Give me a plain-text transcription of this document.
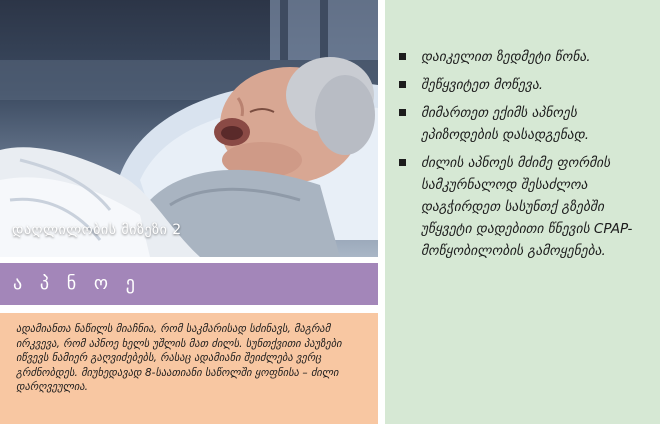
დაღლილობის მიზეზი 2
ა პ ნ ო ე

ადამიანთა ნაწილს მიაჩნია, რომ საკმარისად სძინავს, მაგრამ ირკვევა, რომ აპნოე ხელს უშლის მათ ძილს. სუნთქვითი პაუზები იწვევს ნამიერ გაღვიძებებს, რასაც ადამიანი შეიძლება ვერც გრძნობდეს. მიუხედავად 8-საათიანი საწოლში ყოფნისა – ძილი დარღვეულია.

დაიკელით ზედმეტი წონა.
შეწყვიტეთ მოწევა.
მიმართეთ ექიმს აპნოეს ეპიზოდების დასადგენად.
ძილის აპნოეს მძიმე ფორმის სამკურნალოდ შესაძლოა დაგჭირდეთ სასუნთქ გზებში უწყვეტი დადებითი წნევის CPAP- მოწყობილობის გამოყენება.
